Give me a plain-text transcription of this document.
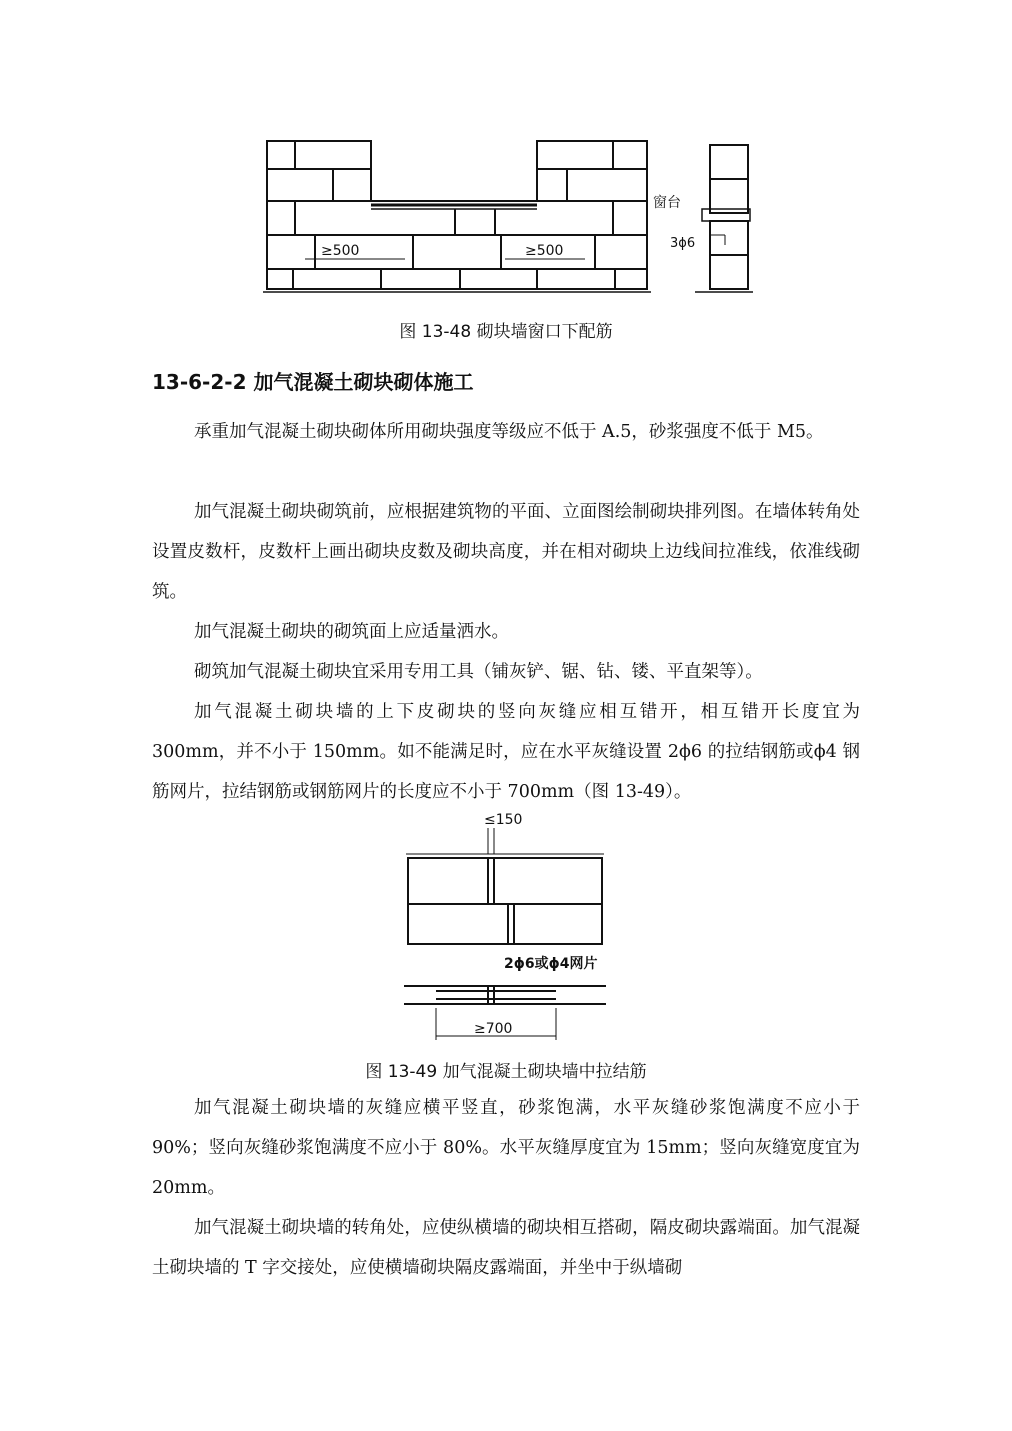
≥500	≥500
窗台
3ϕ6
图 13-48 砌块墙窗口下配筋
13-6-2-2 加气混凝土砌块砌体施工
承重加气混凝土砌块砌体所用砌块强度等级应不低于 A.5，砂浆强度不低于 M5。
加气混凝土砌块砌筑前，应根据建筑物的平面、立面图绘制砌块排列图。在墙体转角处设置皮数杆，皮数杆上画出砌块皮数及砌块高度，并在相对砌块上边线间拉准线，依准线砌筑。
加气混凝土砌块的砌筑面上应适量洒水。
砌筑加气混凝土砌块宜采用专用工具（铺灰铲、锯、钻、镂、平直架等）。
加气混凝土砌块墙的上下皮砌块的竖向灰缝应相互错开，相互错开长度宜为 300mm，并不小于 150mm。如不能满足时，应在水平灰缝设置 2ϕ6 的拉结钢筋或ϕ4 钢筋网片，拉结钢筋或钢筋网片的长度应不小于 700mm（图 13-49）。
≤150
2ϕ6或ϕ4网片
≥700
图 13-49 加气混凝土砌块墙中拉结筋
加气混凝土砌块墙的灰缝应横平竖直，砂浆饱满，水平灰缝砂浆饱满度不应小于 90%；竖向灰缝砂浆饱满度不应小于 80%。水平灰缝厚度宜为 15mm；竖向灰缝宽度宜为 20mm。
加气混凝土砌块墙的转角处，应使纵横墙的砌块相互搭砌，隔皮砌块露端面。加气混凝土砌块墙的 T 字交接处，应使横墙砌块隔皮露端面，并坐中于纵墙砌
